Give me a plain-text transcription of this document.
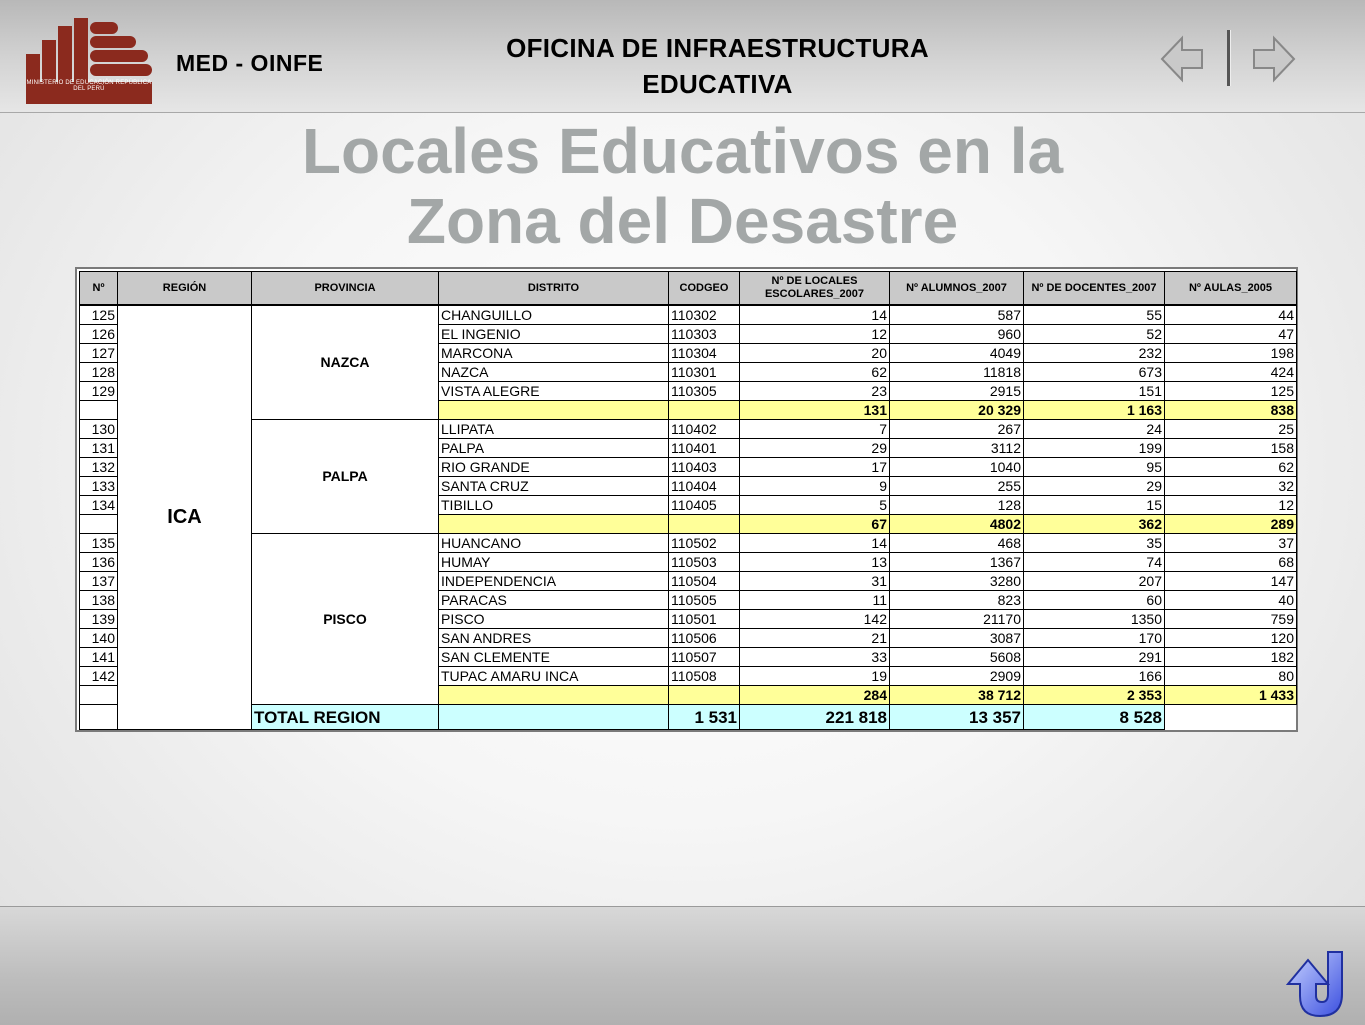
MINISTERIO DE EDUCACIÓN REPÚBLICA DEL PERÚ
MED - OINFE	OFICINA DE INFRAESTRUCTURA
EDUCATIVA
Locales Educativos en la
Zona del Desastre
Nº	REGIÓN	PROVINCIA	DISTRITO	CODGEO	Nº DE LOCALES ESCOLARES_2007	Nº ALUMNOS_2007	Nº DE DOCENTES_2007	Nº AULAS_2005
125	ICA	NAZCA	CHANGUILLO	110302	14	587	55	44
126			EL INGENIO	110303	12	960	52	47
127			MARCONA	110304	20	4049	232	198
128			NAZCA	110301	62	11818	673	424
129			VISTA ALEGRE	110305	23	2915	151	125
					131	20 329	1 163	838
130		PALPA	LLIPATA	110402	7	267	24	25
131			PALPA	110401	29	3112	199	158
132			RIO GRANDE	110403	17	1040	95	62
133			SANTA CRUZ	110404	9	255	29	32
134			TIBILLO	110405	5	128	15	12
					67	4802	362	289
135		PISCO	HUANCANO	110502	14	468	35	37
136			HUMAY	110503	13	1367	74	68
137			INDEPENDENCIA	110504	31	3280	207	147
138			PARACAS	110505	11	823	60	40
139			PISCO	110501	142	21170	1350	759
140			SAN ANDRES	110506	21	3087	170	120
141			SAN CLEMENTE	110507	33	5608	291	182
142			TUPAC AMARU INCA	110508	19	2909	166	80
					284	38 712	2 353	1 433
		TOTAL REGION		1 531	221 818	13 357	8 528	
